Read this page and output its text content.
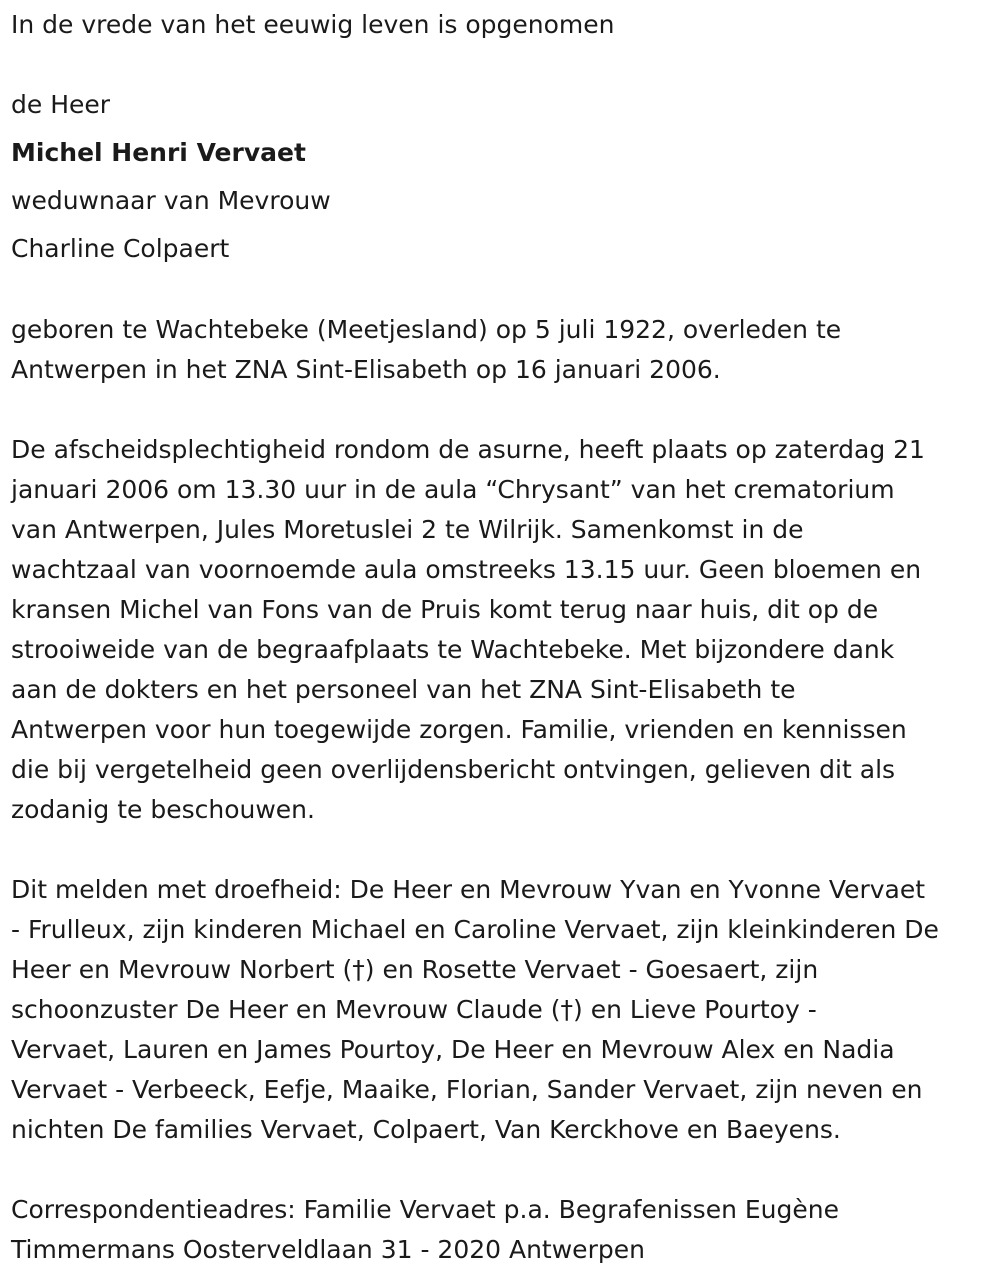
In de vrede van het eeuwig leven is opgenomen
de Heer
Michel Henri Vervaet
weduwnaar van Mevrouw
Charline Colpaert
geboren te Wachtebeke (Meetjesland) op 5 juli 1922, overleden te
Antwerpen in het ZNA Sint-Elisabeth op 16 januari 2006.
De afscheidsplechtigheid rondom de asurne, heeft plaats op zaterdag 21
januari 2006 om 13.30 uur in de aula “Chrysant” van het crematorium
van Antwerpen, Jules Moretuslei 2 te Wilrijk. Samenkomst in de
wachtzaal van voornoemde aula omstreeks 13.15 uur. Geen bloemen en
kransen Michel van Fons van de Pruis komt terug naar huis, dit op de
strooiweide van de begraafplaats te Wachtebeke. Met bijzondere dank
aan de dokters en het personeel van het ZNA Sint-Elisabeth te
Antwerpen voor hun toegewijde zorgen. Familie, vrienden en kennissen
die bij vergetelheid geen overlijdensbericht ontvingen, gelieven dit als
zodanig te beschouwen.
Dit melden met droefheid: De Heer en Mevrouw Yvan en Yvonne Vervaet
- Frulleux, zijn kinderen Michael en Caroline Vervaet, zijn kleinkinderen De
Heer en Mevrouw Norbert (†) en Rosette Vervaet - Goesaert, zijn
schoonzuster De Heer en Mevrouw Claude (†) en Lieve Pourtoy -
Vervaet, Lauren en James Pourtoy, De Heer en Mevrouw Alex en Nadia
Vervaet - Verbeeck, Eefje, Maaike, Florian, Sander Vervaet, zijn neven en
nichten De families Vervaet, Colpaert, Van Kerckhove en Baeyens.
Correspondentieadres: Familie Vervaet p.a. Begrafenissen Eugène
Timmermans Oosterveldlaan 31 - 2020 Antwerpen
